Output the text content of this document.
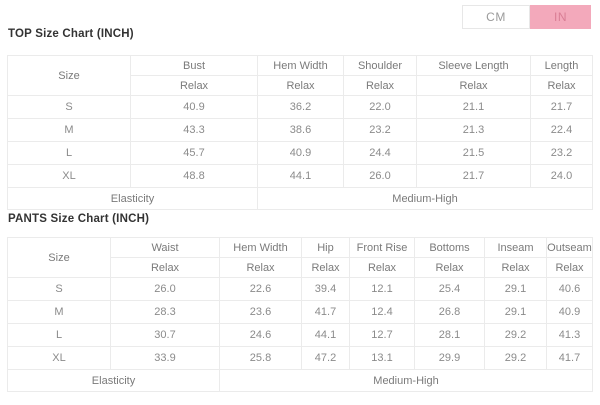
CM	IN
TOP Size Chart (INCH)
Size	Bust	Hem Width	Shoulder	Sleeve Length	Length
	Relax	Relax	Relax	Relax	Relax
S	40.9	36.2	22.0	21.1	21.7
M	43.3	38.6	23.2	21.3	22.4
L	45.7	40.9	24.4	21.5	23.2
XL	48.8	44.1	26.0	21.7	24.0
Elasticity		Medium-High			
PANTS Size Chart (INCH)
Size	Waist	Hem Width	Hip	Front Rise	Bottoms	Inseam	Outseam
	Relax	Relax	Relax	Relax	Relax	Relax	Relax
S	26.0	22.6	39.4	12.1	25.4	29.1	40.6
M	28.3	23.6	41.7	12.4	26.8	29.1	40.9
L	30.7	24.6	44.1	12.7	28.1	29.2	41.3
XL	33.9	25.8	47.2	13.1	29.9	29.2	41.7
Elasticity		Medium-High					
